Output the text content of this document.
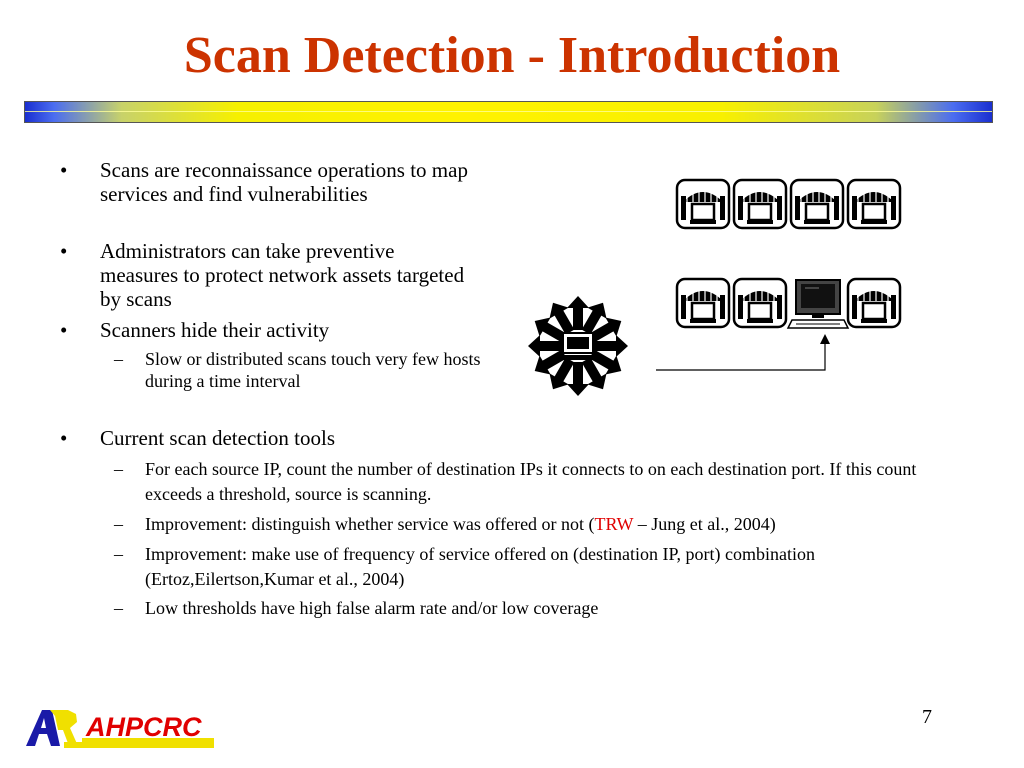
Scan Detection - Introduction
• Scans are reconnaissance operations to map services and find vulnerabilities
• Administrators can take preventive measures to protect network assets targeted by scans
• Scanners hide their activity
– Slow or distributed scans touch very few hosts during a time interval
• Current scan detection tools
– For each source IP, count the number of destination IPs it connects to on each destination port. If this count exceeds a threshold, source is scanning.
– Improvement: distinguish whether service was offered or not (TRW – Jung et al., 2004)
– Improvement: make use of frequency of service offered on (destination IP, port) combination (Ertoz,Eilertson,Kumar et al., 2004)
– Low thresholds have high false alarm rate and/or low coverage
7
AHPCRC
